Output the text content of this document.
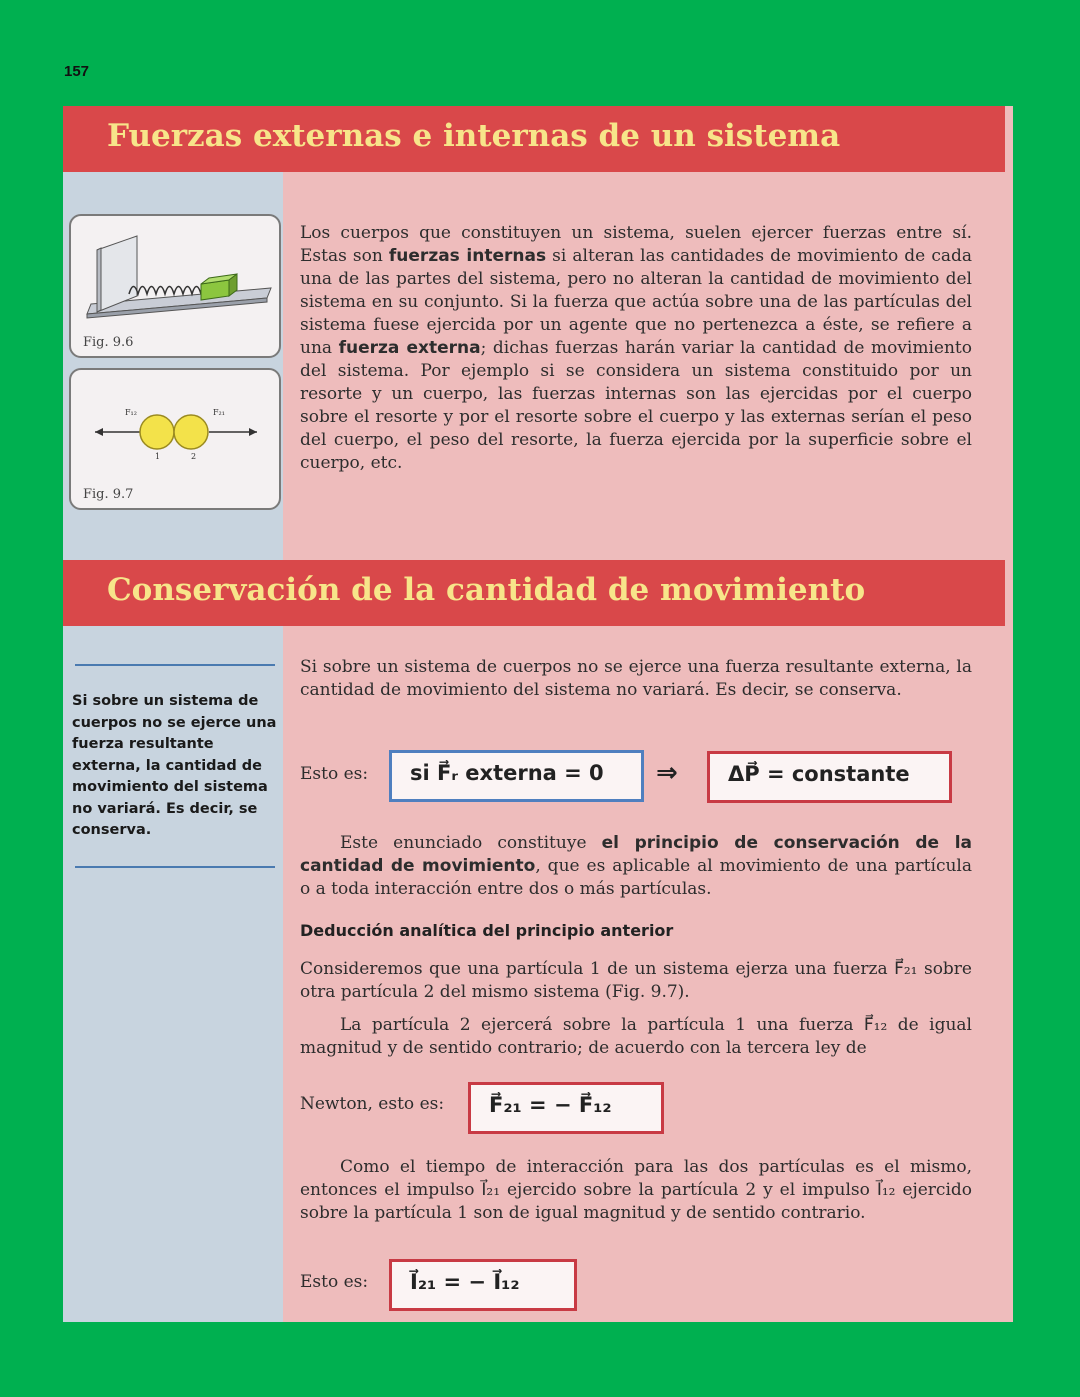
157
Fuerzas externas e internas de un sistema
Fig. 9.6
F₁₂	F₂₁
1	2
Fig. 9.7

Los cuerpos que constituyen un sistema, suelen ejercer fuerzas entre sí. Estas son fuerzas internas si alteran las cantidades de movimiento de cada una de las partes del sistema, pero no alteran la cantidad de movimiento del sistema en su conjunto. Si la fuerza que actúa sobre una de las partículas del sistema fuese ejercida por un agente que no pertenezca a éste, se refiere a una fuerza externa; dichas fuerzas harán variar la cantidad de movimiento del sistema. Por ejemplo si se considera un sistema constituido por un resorte y un cuerpo, las fuerzas internas son las ejercidas por el cuerpo sobre el resorte y por el resorte sobre el cuerpo y las externas serían el peso del cuerpo, el peso del resorte, la fuerza ejercida por la superficie sobre el cuerpo, etc.

Conservación de la cantidad de movimiento

Si sobre un sistema de cuerpos no se ejerce una fuerza resultante externa, la cantidad de movimiento del sistema no variará. Es decir, se conserva.

Si sobre un sistema de cuerpos no se ejerce una fuerza resultante externa, la cantidad de movimiento del sistema no variará. Es decir, se conserva.

Esto es:	si F⃗ᵣ externa = 0	⇒	ΔP⃗ = constante

Este enunciado constituye el principio de conservación de la cantidad de movimiento, que es aplicable al movimiento de una partícula o a toda interacción entre dos o más partículas.

Deducción analítica del principio anterior

Consideremos que una partícula 1 de un sistema ejerza una fuerza F⃗₂₁ sobre otra partícula 2 del mismo sistema (Fig. 9.7).

La partícula 2 ejercerá sobre la partícula 1 una fuerza F⃗₁₂ de igual magnitud y de sentido contrario; de acuerdo con la tercera ley de

Newton, esto es:	F⃗₂₁ = − F⃗₁₂

Como el tiempo de interacción para las dos partículas es el mismo, entonces el impulso I⃗₂₁ ejercido sobre la partícula 2 y el impulso I⃗₁₂ ejercido sobre la partícula 1 son de igual magnitud y de sentido contrario.

Esto es:	I⃗₂₁ = − I⃗₁₂
